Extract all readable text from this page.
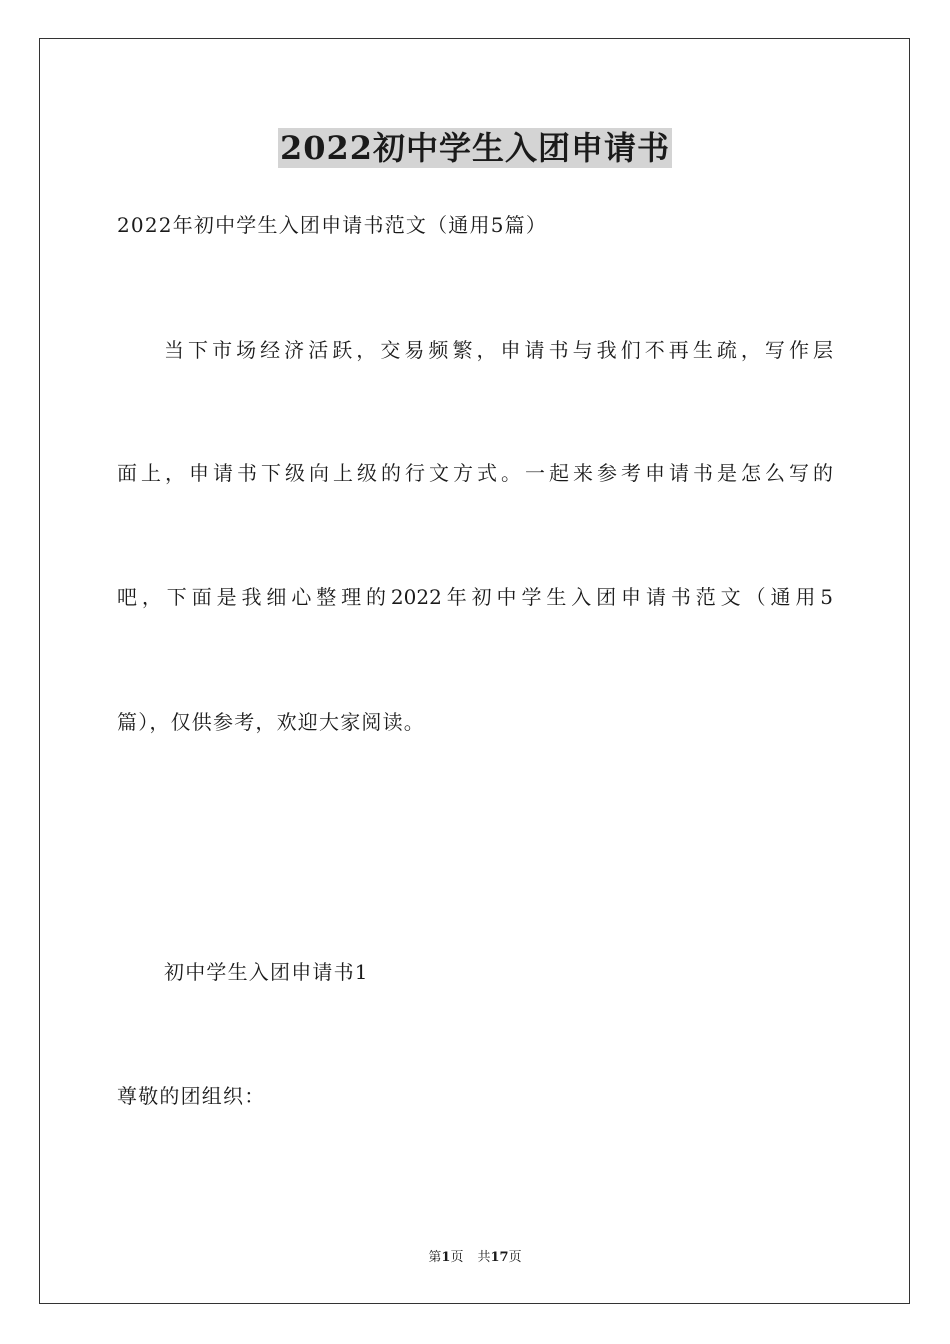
2022初中学生入团申请书
2022年初中学生入团申请书范文（通用5篇）
当下市场经济活跃，交易频繁，申请书与我们不再生疏，写作层
面上，申请书下级向上级的行文方式。一起来参考申请书是怎么写的
吧，下面是我细心整理的2022年初中学生入团申请书范文（通用5
篇），仅供参考，欢迎大家阅读。
初中学生入团申请书1
尊敬的团组织：
第1页 共17页
